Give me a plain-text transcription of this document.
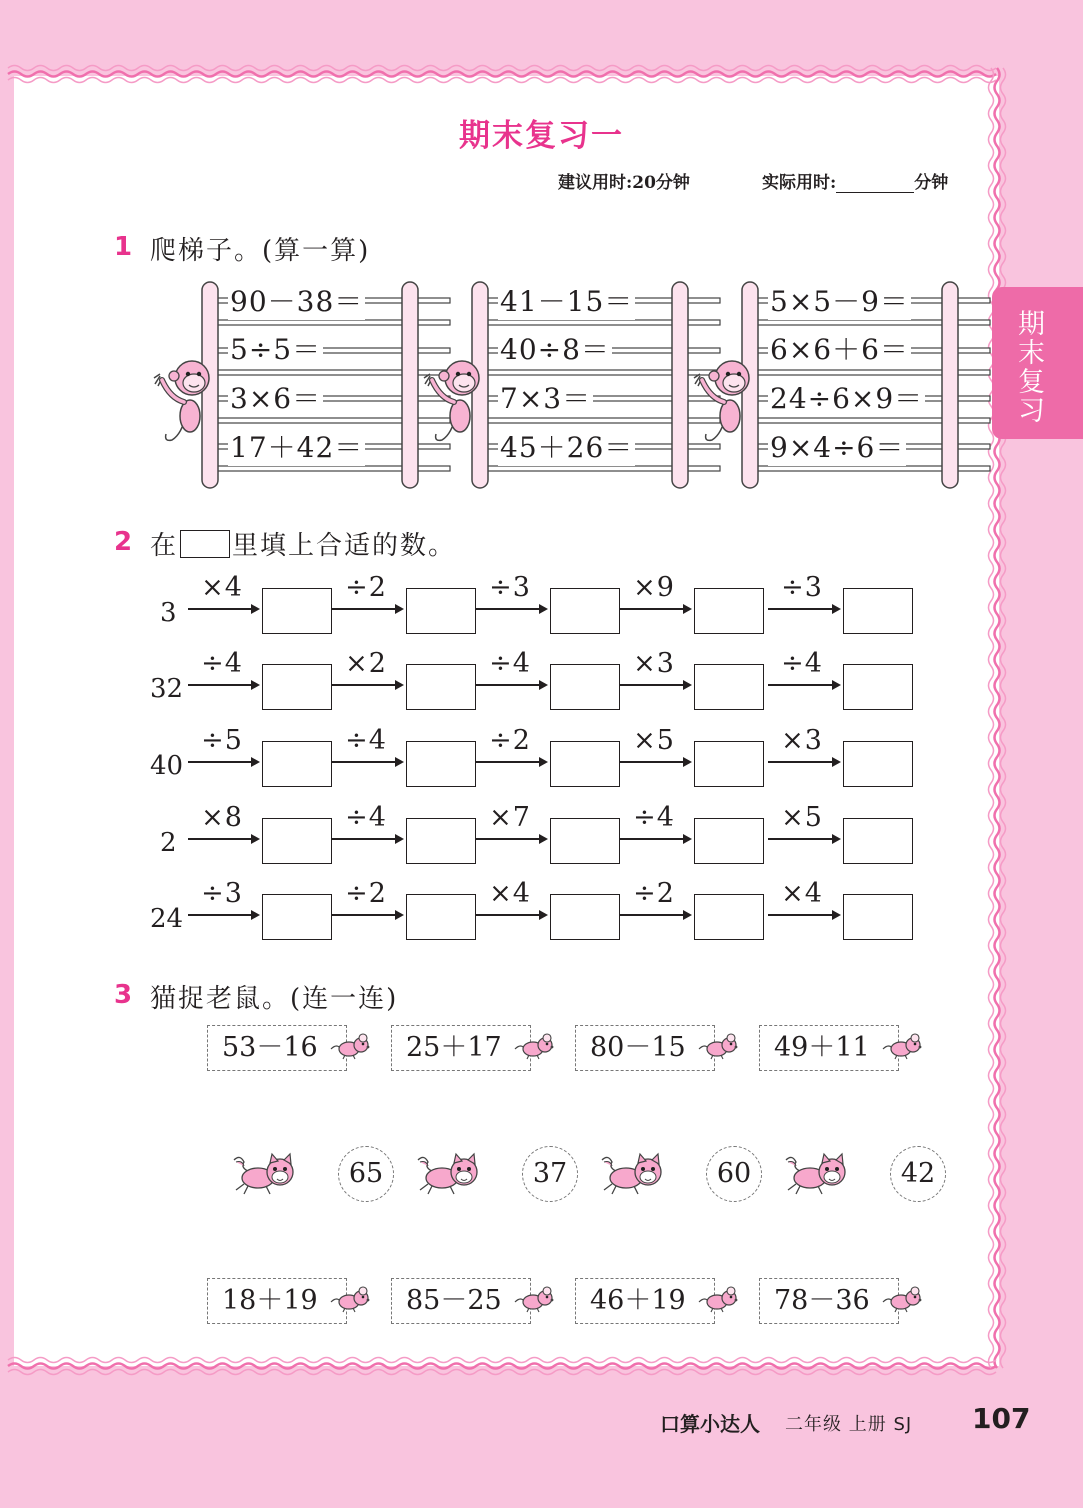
期末复习一
建议用时:20分钟	实际用时:	分钟
期末复习
1 爬梯子。(算一算)
90－38＝
5÷5＝
3×6＝
17＋42＝
41－15＝
40÷8＝
7×3＝
45＋26＝
5×5－9＝
6×6＋6＝
24÷6×9＝
9×4÷6＝
2 在 里填上合适的数。
3
×4	÷2	÷3	×9	÷3
32
÷4	×2	÷4	×3	÷4
40
÷5	÷4	÷2	×5	×3
2
×8	÷4	×7	÷4	×5
24
÷3	÷2	×4	÷2	×4
3 猫捉老鼠。(连一连)
53－16	25＋17	80－15	49＋11
65	37	60	42
18＋19	85－25	46＋19	78－36
口算小达人 二年级 上册 SJ 107
